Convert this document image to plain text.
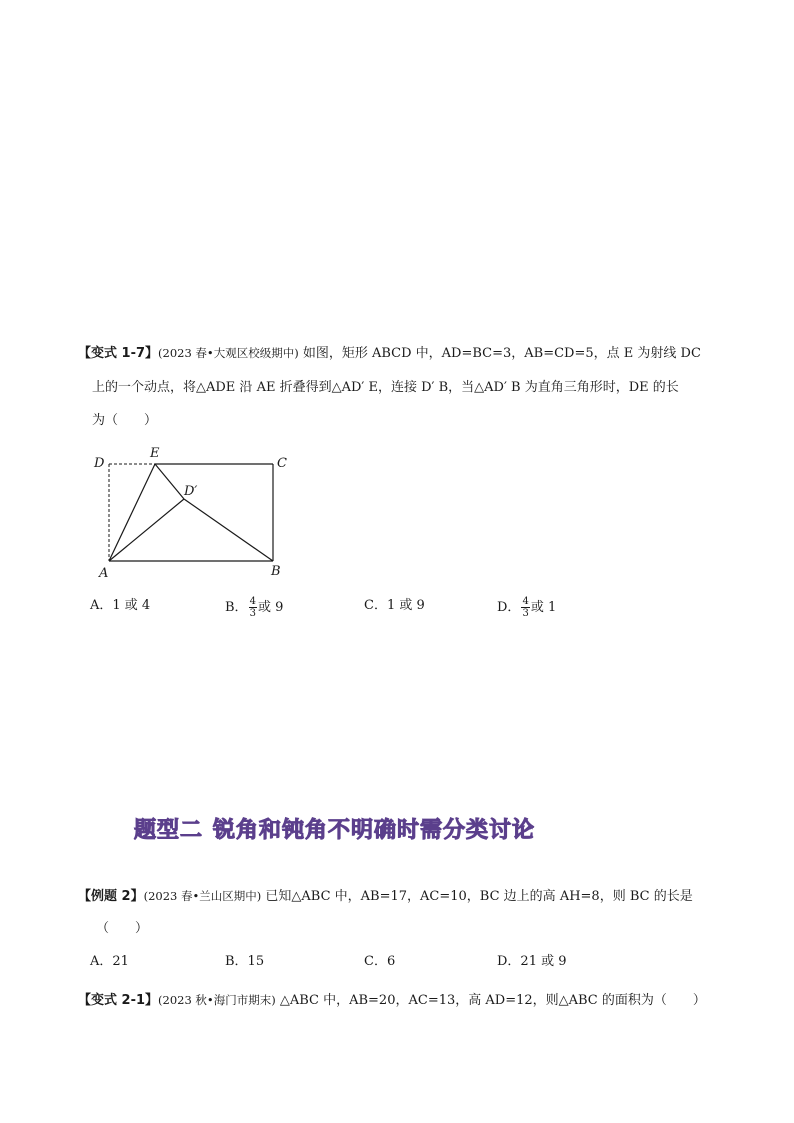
【变式 1-7】(2023 春•大观区校级期中) 如图，矩形 ABCD 中，AD=BC=3，AB=CD=5，点 E 为射线 DC
上的一个动点，将△ADE 沿 AE 折叠得到△AD′ E，连接 D′ B，当△AD′ B 为直角三角形时，DE 的长
为（　　）
D
E
C
D′
A	B
A．1 或 4	B． $\frac{4}{3}$ 或 9	C．1 或 9	D． $\frac{4}{3}$ 或 1
题型二 锐角和钝角不明确时需分类讨论
【例题 2】(2023 春•兰山区期中) 已知△ABC 中，AB=17，AC=10，BC 边上的高 AH=8，则 BC 的长是
（　　）
A．21	B．15	C．6	D．21 或 9
【变式 2-1】(2023 秋•海门市期末) △ABC 中，AB=20，AC=13，高 AD=12，则△ABC 的面积为（　　）
